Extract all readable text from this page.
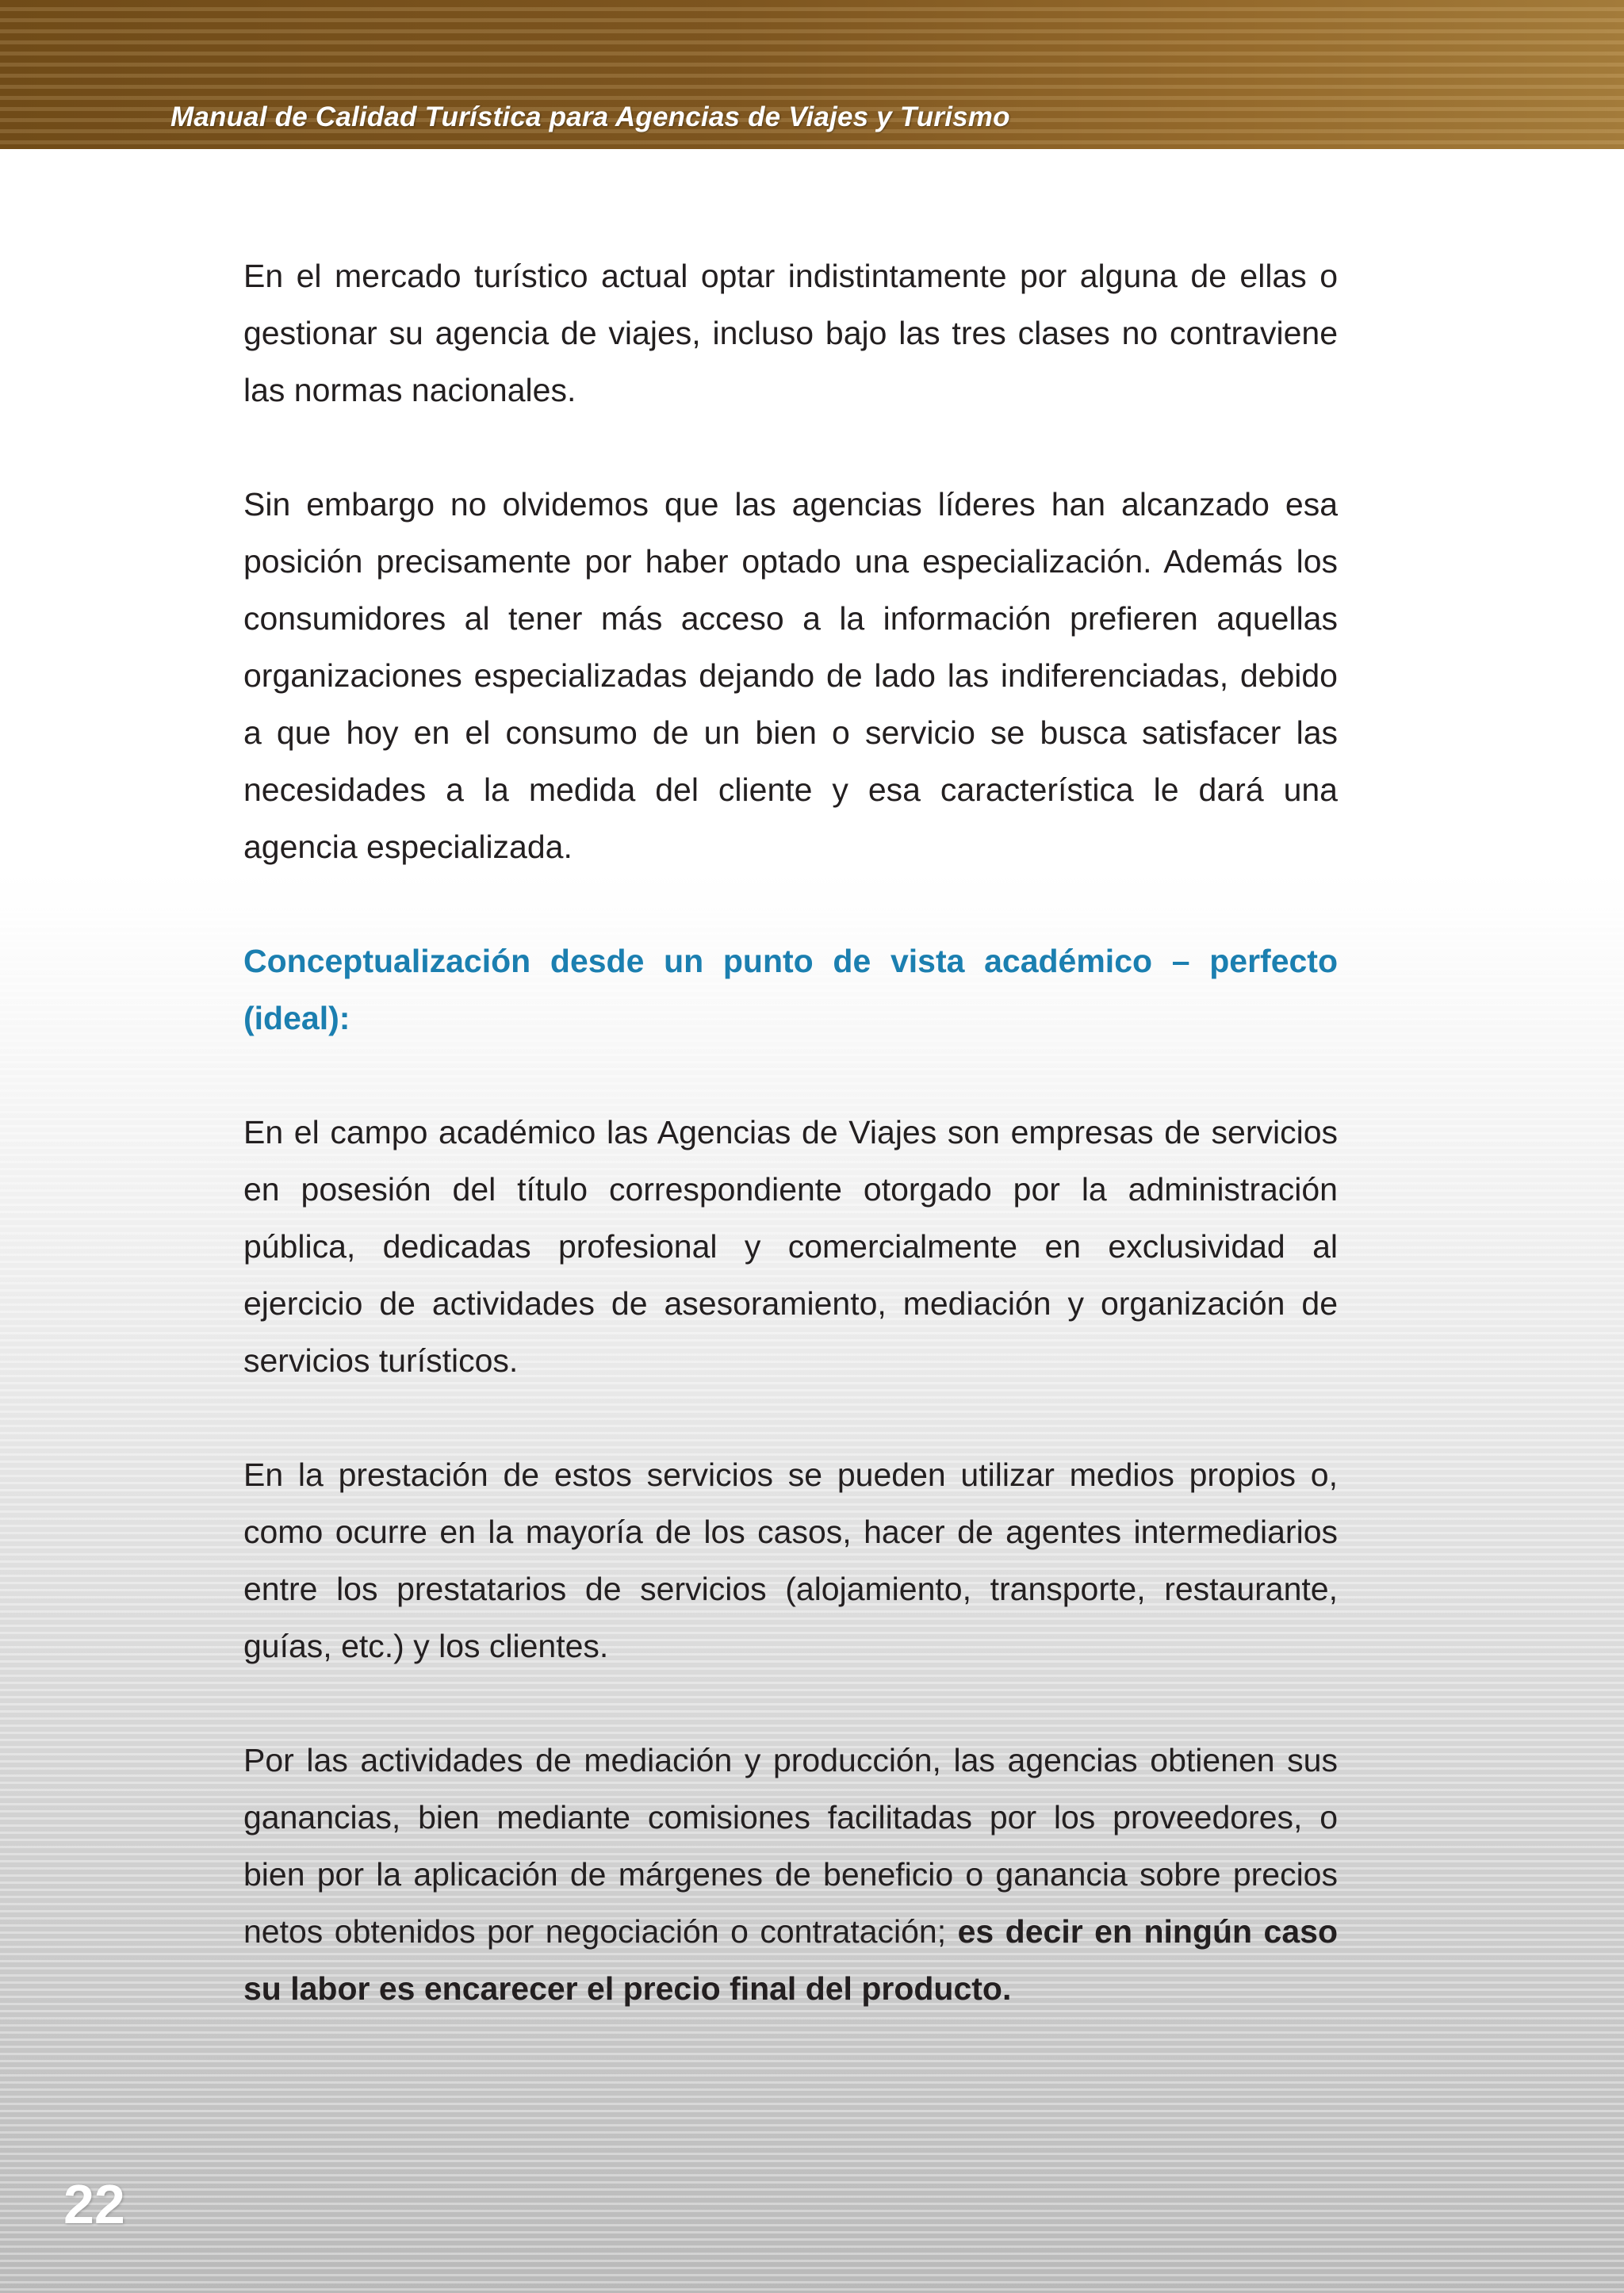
Manual de Calidad Turística para Agencias de Viajes y Turismo

En el mercado turístico actual optar indistintamente por alguna de ellas o gestionar su agencia de viajes, incluso bajo las tres clases no contraviene las normas nacionales.

Sin embargo no olvidemos que las agencias líderes han alcanzado esa posición precisamente por haber optado una especialización. Además los consumidores al tener más acceso a la información prefieren aquellas organizaciones especializadas dejando de lado las indiferenciadas, debido a que hoy en el consumo de un bien o servicio se busca satisfacer las necesidades a la medida del cliente y esa característica le dará una agencia especializada.

Conceptualización desde un punto de vista académico – perfecto (ideal):

En el campo académico las Agencias de Viajes son empresas de servicios en posesión del título correspondiente otorgado por la administración pública, dedicadas profesional y comercialmente en exclusividad al ejercicio de actividades de asesoramiento, mediación y organización de servicios turísticos.

En la prestación de estos servicios se pueden utilizar medios propios o, como ocurre en la mayoría de los casos, hacer de agentes intermediarios entre los prestatarios de servicios (alojamiento, transporte, restaurante, guías, etc.) y los clientes.

Por las actividades de mediación y producción, las agencias obtienen sus ganancias, bien mediante comisiones facilitadas por los proveedores, o bien por la aplicación de márgenes de beneficio o ganancia sobre precios netos obtenidos por negociación o contratación; es decir en ningún caso su labor es encarecer el precio final del producto.

22
